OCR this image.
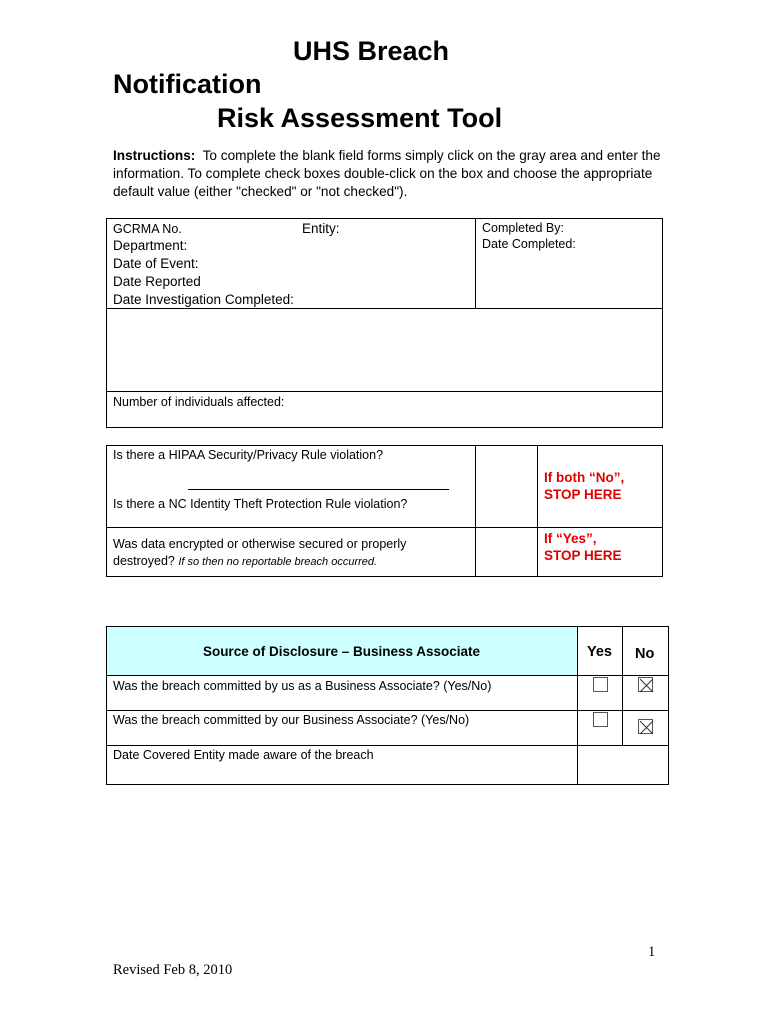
UHS Breach
Notification
Risk Assessment Tool
Instructions: To complete the blank field forms simply click on the gray area and enter the information. To complete check boxes double-click on the box and choose the appropriate default value (either "checked" or "not checked").
GCRMA No.	Entity:
Department:
Date of Event:
Date Reported
Date Investigation Completed:
Completed By:
Date Completed:
Number of individuals affected:
Is there a HIPAA Security/Privacy Rule violation?
Is there a NC Identity Theft Protection Rule violation?
If both “No”,
STOP HERE
Was data encrypted or otherwise secured or properly
destroyed? If so then no reportable breach occurred.
If “Yes”,
STOP HERE
Source of Disclosure – Business Associate	Yes No
Was the breach committed by us as a Business Associate? (Yes/No)
Was the breach committed by our Business Associate? (Yes/No)
Date Covered Entity made aware of the breach
1
Revised Feb 8, 2010
